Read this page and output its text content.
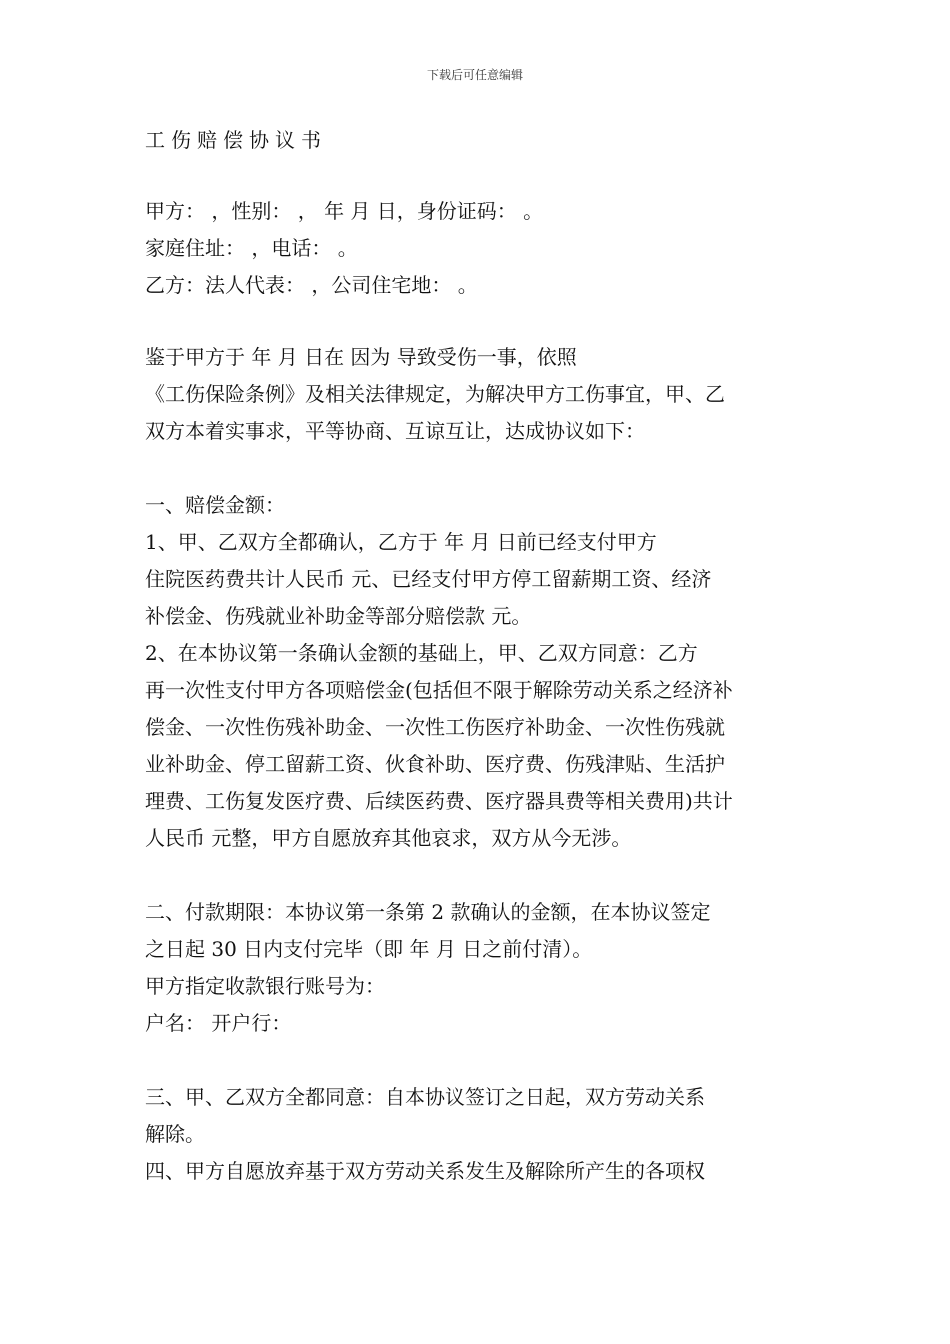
下载后可任意编辑
工伤赔偿协议书
甲方： ，性别： ， 年 月 日，身份证码： 。
家庭住址： ，电话： 。
乙方：法人代表： ，公司住宅地： 。
鉴于甲方于 年 月 日在 因为 导致受伤一事，依照
《工伤保险条例》及相关法律规定，为解决甲方工伤事宜，甲、乙
双方本着实事求，平等协商、互谅互让，达成协议如下：
一、赔偿金额：
1、甲、乙双方全都确认，乙方于 年 月 日前已经支付甲方
住院医药费共计人民币 元、已经支付甲方停工留薪期工资、经济
补偿金、伤残就业补助金等部分赔偿款 元。
2、在本协议第一条确认金额的基础上，甲、乙双方同意：乙方
再一次性支付甲方各项赔偿金(包括但不限于解除劳动关系之经济补
偿金、一次性伤残补助金、一次性工伤医疗补助金、一次性伤残就
业补助金、停工留薪工资、伙食补助、医疗费、伤残津贴、生活护
理费、工伤复发医疗费、后续医药费、医疗器具费等相关费用)共计
人民币 元整，甲方自愿放弃其他哀求，双方从今无涉。
二、付款期限：本协议第一条第 2 款确认的金额，在本协议签定
之日起 30 日内支付完毕（即 年 月 日之前付清）。
甲方指定收款银行账号为：
户名： 开户行：
三、甲、乙双方全都同意：自本协议签订之日起，双方劳动关系
解除。
四、甲方自愿放弃基于双方劳动关系发生及解除所产生的各项权
